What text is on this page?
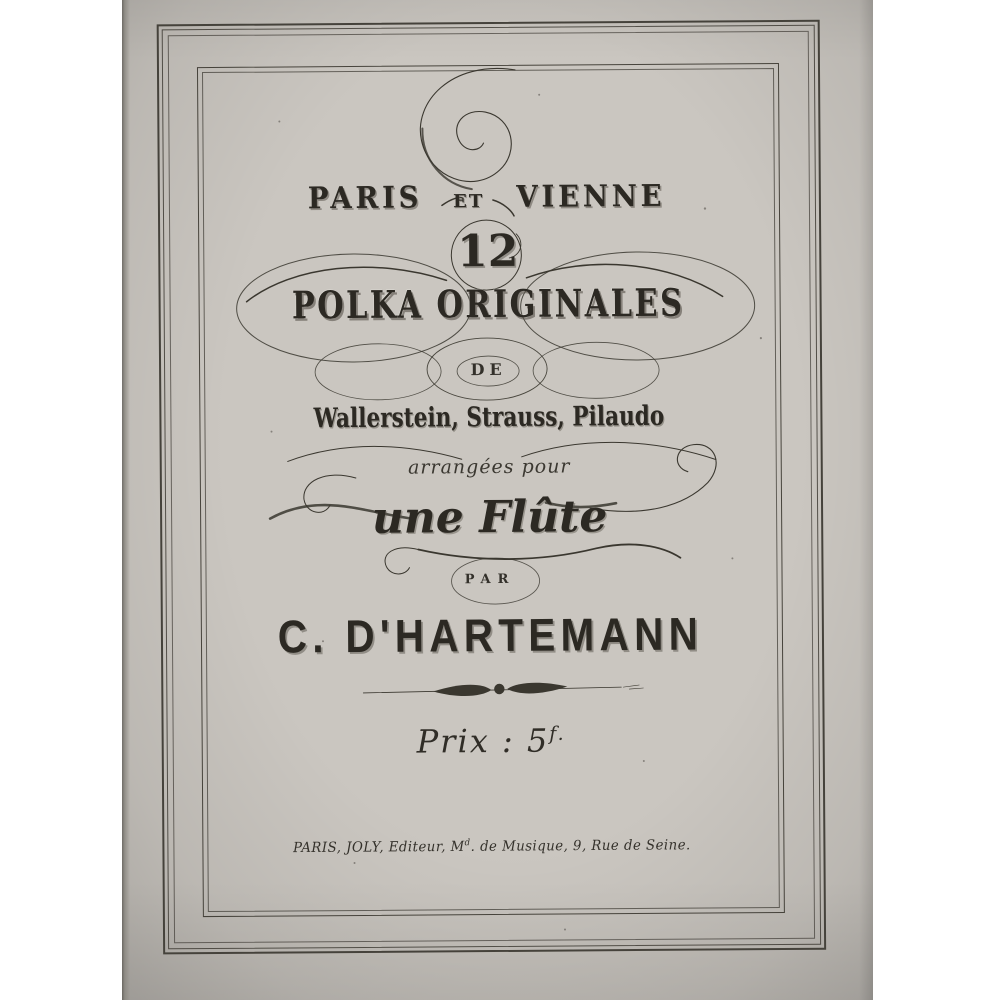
PARIS ET VIENNE
12
POLKA ORIGINALES
DE
Wallerstein, Strauss, Pilaudo
arrangées pour
une Flûte
PAR
C. D'HARTEMANN
Prix : $5^{f.}$
PARIS, JOLY, Editeur, $M^d$. de Musique, 9, Rue de Seine.
